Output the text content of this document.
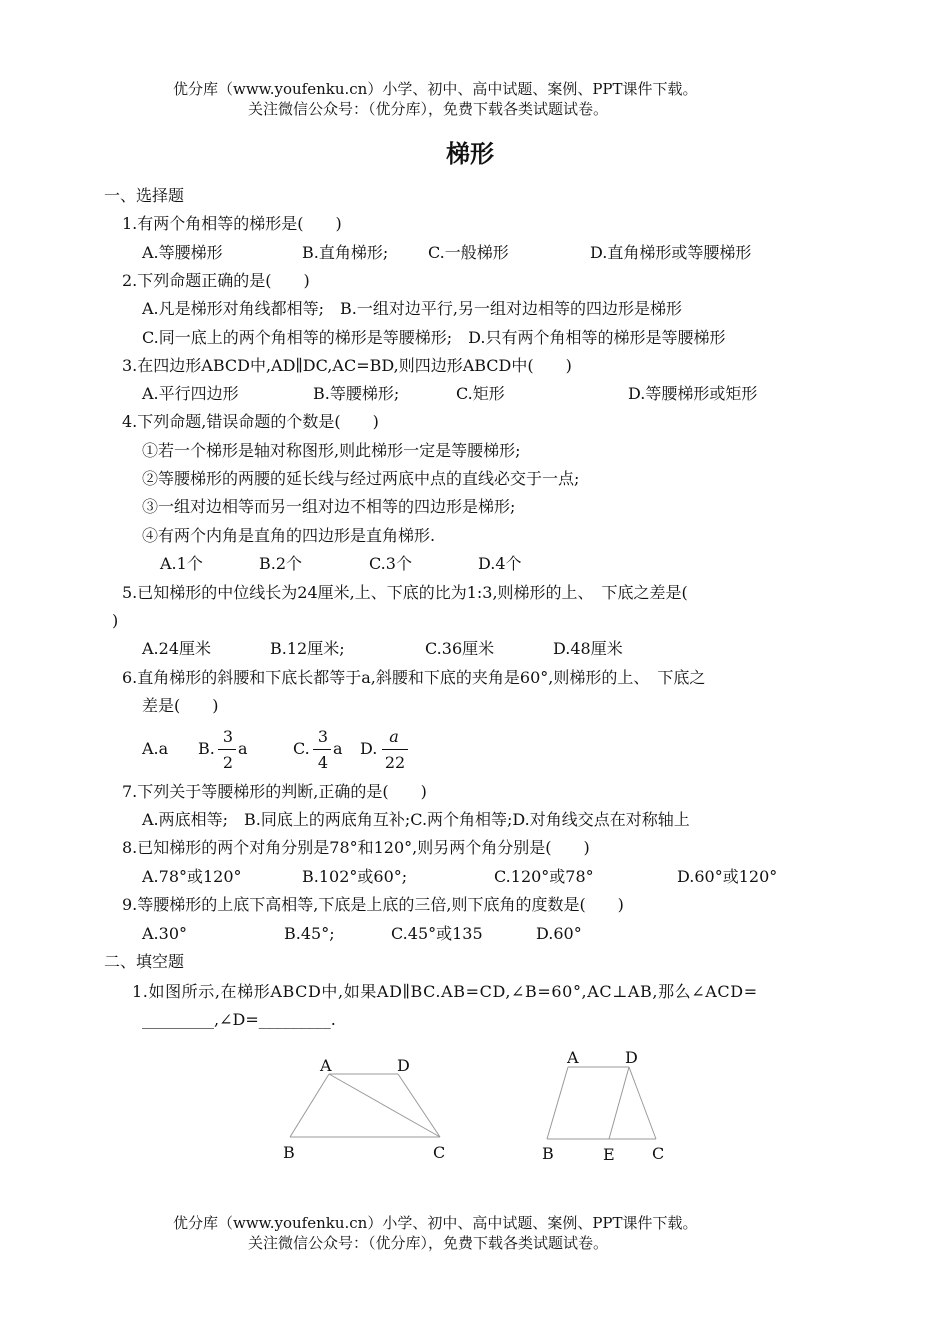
优分库（www.youfenku.cn）小学、初中、高中试题、案例、PPT课件下载。
关注微信公众号：（优分库），免费下载各类试题试卷。
梯形
一、选择题
1.有两个角相等的梯形是(　　)
A.等腰梯形	B.直角梯形; C.一般梯形	D.直角梯形或等腰梯形
2.下列命题正确的是(　　)
A.凡是梯形对角线都相等;　B.一组对边平行,另一组对边相等的四边形是梯形
C.同一底上的两个角相等的梯形是等腰梯形;　D.只有两个角相等的梯形是等腰梯形
3.在四边形ABCD中,AD∥DC,AC=BD,则四边形ABCD中(　　)
A.平行四边形	B.等腰梯形;	C.矩形	D.等腰梯形或矩形
4.下列命题,错误命题的个数是(　　)
①若一个梯形是轴对称图形,则此梯形一定是等腰梯形;
②等腰梯形的两腰的延长线与经过两底中点的直线必交于一点;
③一组对边相等而另一组对边不相等的四边形是梯形;
④有两个内角是直角的四边形是直角梯形.
A.1个	B.2个	C.3个	D.4个
5.已知梯形的中位线长为24厘米,上、下底的比为1:3,则梯形的上、　下底之差是(
)
A.24厘米	B.12厘米;	C.36厘米	D.48厘米
6.直角梯形的斜腰和下底长都等于a,斜腰和下底的夹角是60°,则梯形的上、　下底之
差是(　　)
A.a B.
3
2
a	C.
3
4
a D.
a
22
7.下列关于等腰梯形的判断,正确的是(　　)
A.两底相等;　B.同底上的两底角互补;C.两个角相等;D.对角线交点在对称轴上
8.已知梯形的两个对角分别是78°和120°,则另两个角分别是(　　)
A.78°或120°	B.102°或60°;	C.120°或78°	D.60°或120°
9.等腰梯形的上底下高相等,下底是上底的三倍,则下底角的度数是(　　)
A.30°	B.45°;	C.45°或135	D.60°
二、填空题
1.如图所示,在梯形ABCD中,如果AD∥BC.AB=CD,∠B=60°,AC⊥AB,那么∠ACD=
_________,∠D=_________.
A	D
B	C
A	D
B	E C
优分库（www.youfenku.cn）小学、初中、高中试题、案例、PPT课件下载。
关注微信公众号：（优分库），免费下载各类试题试卷。
